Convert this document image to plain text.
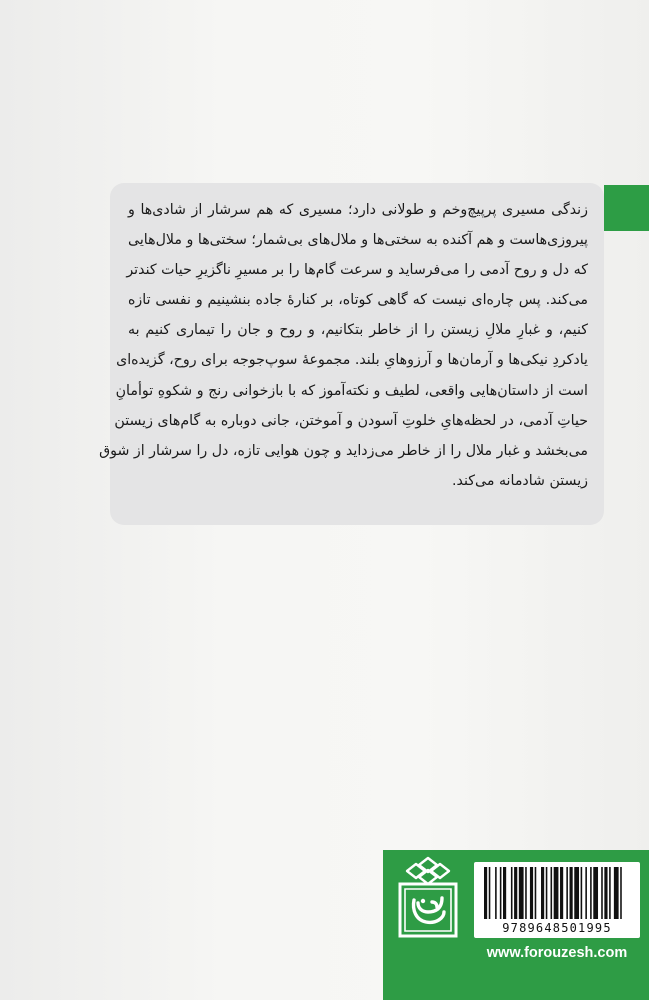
زندگی مسیری پرپیچ‌وخم و طولانی دارد؛ مسیری که هم سرشار از شادی‌ها و
پیروزی‌هاست و هم آکنده به سختی‌ها و ملال‌های بی‌شمار؛ سختی‌ها و ملال‌هایی
که دل و روح آدمی را می‌فرساید و سرعت گام‌ها را بر مسیرِ ناگزیرِ حیات کندتر
می‌کند. پس چاره‌ای نیست که گاهی کوتاه، بر کنارهٔ جاده بنشینیم و نفسی تازه
کنیم، و غبارِ ملالِ زیستن را از خاطر بتکانیم، و روح و جان را تیماری کنیم به
یادکردِ نیکی‌ها و آرمان‌ها و آرزوهایِ بلند. مجموعهٔ سوپ‌جوجه برای روح، گزیده‌ای
است از داستان‌هایی واقعی، لطیف و نکته‌آموز که با بازخوانی رنج و شکوهِ توأمانِ
حیاتِ آدمی، در لحظه‌هایِ خلوتِ آسودن و آموختن، جانی دوباره به گام‌های زیستن
می‌بخشد و غبار ملال را از خاطر می‌زداید و چون هوایی تازه، دل را سرشار از شوق
زیستن شادمانه می‌کند.
9789648501995
www.forouzesh.com
